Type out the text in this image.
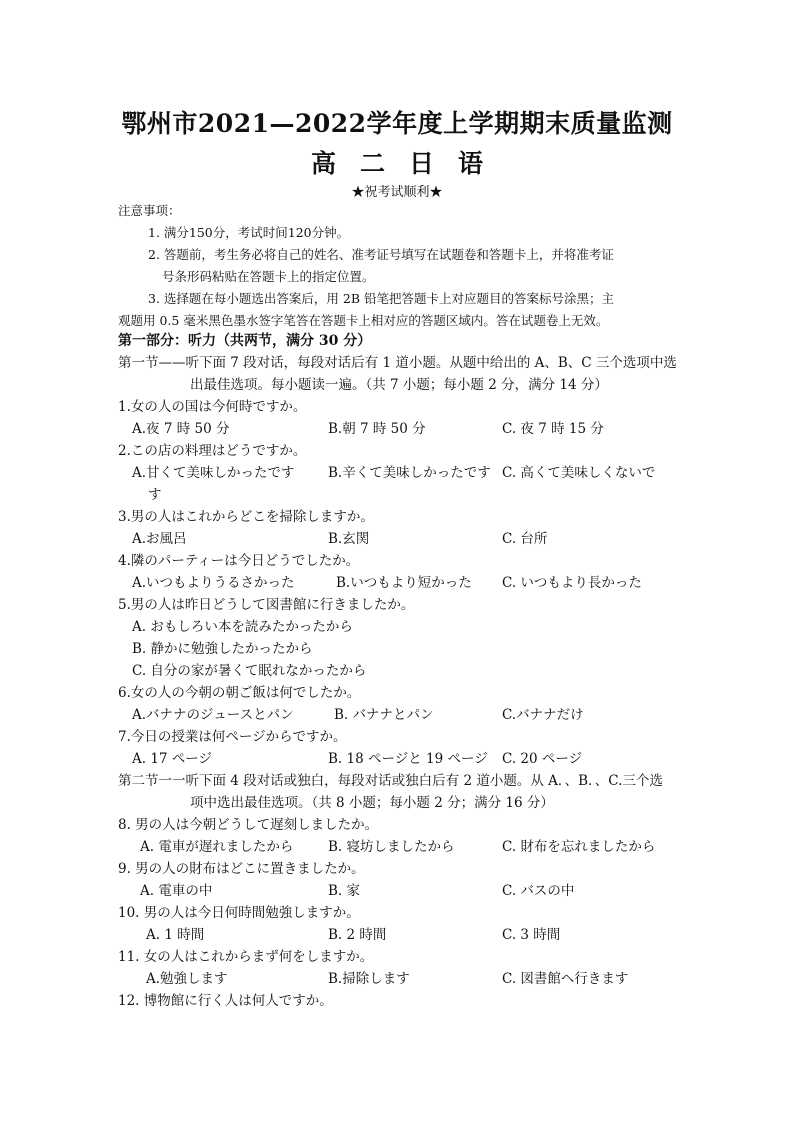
鄂州市2021—2022学年度上学期期末质量监测
高二日语

★祝考试顺利★

注意事项：

1. 满分150分，考试时间120分钟。

2. 答题前，考生务必将自己的姓名、准考证号填写在试题卷和答题卡上，并将准考证

号条形码粘贴在答题卡上的指定位置。

3. 选择题在每小题选出答案后，用 2B 铅笔把答题卡上对应题目的答案标号涂黑；主

观题用 0.5 毫米黑色墨水签字笔答在答题卡上相对应的答题区域内。答在试题卷上无效。

第一部分：听力（共两节，满分 30 分）

第一节——听下面 7 段对话，每段对话后有 1 道小题。从题中给出的 A、B、C 三个选项中选

出最佳选项。每小题读一遍。（共 7 小题；每小题 2 分，满分 14 分）

1.女の人の国は今何時ですか。

A.夜 7 時 50 分	B.朝 7 時 50 分	C. 夜 7 時 15 分

2.この店の料理はどうですか。

A.甘くて美味しかったです	B.辛くて美味しかったです C. 高くて美味しくないで

す

3.男の人はこれからどこを掃除しますか。

A.お風呂	B.玄関	C. 台所

4.隣のパーティーは今日どうでしたか。

A.いつもよりうるさかった	B.いつもより短かった	C. いつもより長かった

5.男の人は昨日どうして図書館に行きましたか。

A. おもしろい本を読みたかったから

B. 静かに勉強したかったから

C. 自分の家が暑くて眠れなかったから

6.女の人の今朝の朝ご飯は何でしたか。

A.バナナのジュースとパン	B. バナナとパン	C.バナナだけ

7.今日の授業は何ページからですか。

A. 17 ページ	B. 18 ページと 19 ページ	C. 20 ページ

第二节一一听下面 4 段对话或独白，每段对话或独白后有 2 道小题。从 A．、B．、C.三个选

项中选出最佳选项。（共 8 小题；每小题 2 分；满分 16 分）

8. 男の人は今朝どうして遅刻しましたか。

A. 電車が遅れましたから	B. 寝坊しましたから	C. 財布を忘れましたから

9. 男の人の財布はどこに置きましたか。

A. 電車の中	B. 家	C. バスの中

10. 男の人は今日何時間勉強しますか。

A. 1 時間	B. 2 時間	C. 3 時間

11. 女の人はこれからまず何をしますか。

A.勉強します	B.掃除します	C. 図書館へ行きます

12. 博物館に行く人は何人ですか。
